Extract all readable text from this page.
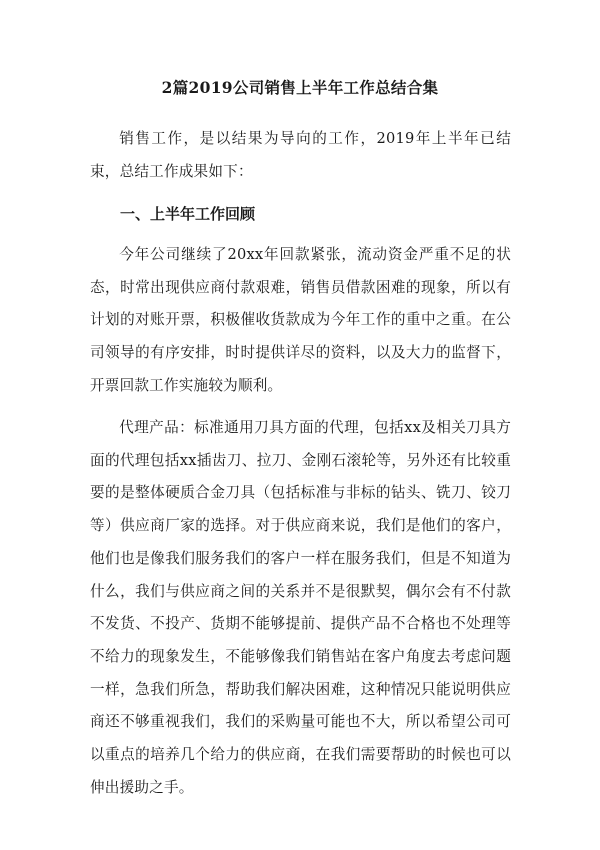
2篇2019公司销售上半年工作总结合集

销售工作，是以结果为导向的工作，2019年上半年已结束，总结工作成果如下：

一、上半年工作回顾

今年公司继续了20xx年回款紧张，流动资金严重不足的状态，时常出现供应商付款艰难，销售员借款困难的现象，所以有计划的对账开票，积极催收货款成为今年工作的重中之重。在公司领导的有序安排，时时提供详尽的资料，以及大力的监督下，开票回款工作实施较为顺利。

代理产品：标准通用刀具方面的代理，包括xx及相关刀具方面的代理包括xx插齿刀、拉刀、金刚石滚轮等，另外还有比较重要的是整体硬质合金刀具（包括标准与非标的钻头、铣刀、铰刀等）供应商厂家的选择。对于供应商来说，我们是他们的客户，他们也是像我们服务我们的客户一样在服务我们，但是不知道为什么，我们与供应商之间的关系并不是很默契，偶尔会有不付款不发货、不投产、货期不能够提前、提供产品不合格也不处理等不给力的现象发生，不能够像我们销售站在客户角度去考虑问题一样，急我们所急，帮助我们解决困难，这种情况只能说明供应商还不够重视我们，我们的采购量可能也不大，所以希望公司可以重点的培养几个给力的供应商，在我们需要帮助的时候也可以伸出援助之手。
